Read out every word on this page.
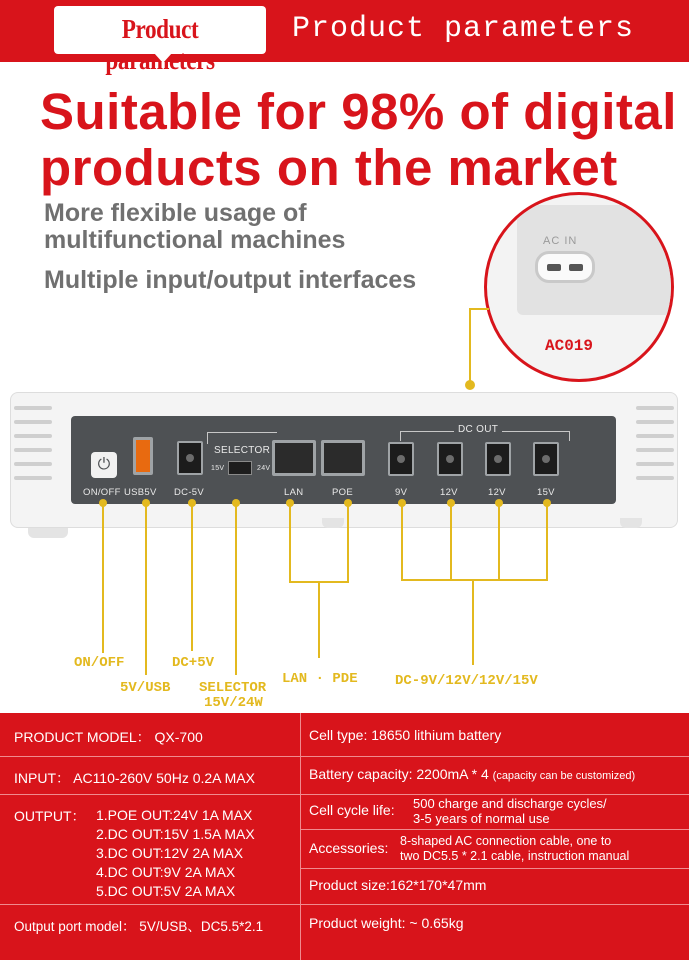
Product parameters
Product parameters
Suitable for 98% of digital
products on the market
More flexible usage of
multifunctional machines
Multiple input/output interfaces
AC IN
AC019
⏻
SELECTOR
15V	24V
DC OUT
ON/OFF USB5V DC-5V	LAN	POE	9V	12V	12V	15V
ON/OFF
5V/USB
DC+5V
SELECTOR
15V/24W
LAN · PDE	DC-9V/12V/12V/15V
PRODUCT MODEL： QX-700	Cell type: 18650 lithium battery
INPUT： AC110-260V 50Hz 0.2A MAX	Battery capacity: 2200mA * 4 (capacity can be customized)
OUTPUT： 1.POE OUT:24V 1A MAX
2.DC OUT:15V 1.5A MAX
3.DC OUT:12V 2A MAX
4.DC OUT:9V 2A MAX
5.DC OUT:5V 2A MAX
Cell cycle life: 500 charge and discharge cycles/
3-5 years of normal use
Accessories: 8-shaped AC connection cable, one to
two DC5.5 * 2.1 cable, instruction manual
Product size:162*170*47mm
Output port model： 5V/USB、DC5.5*2.1	Product weight: ~ 0.65kg
